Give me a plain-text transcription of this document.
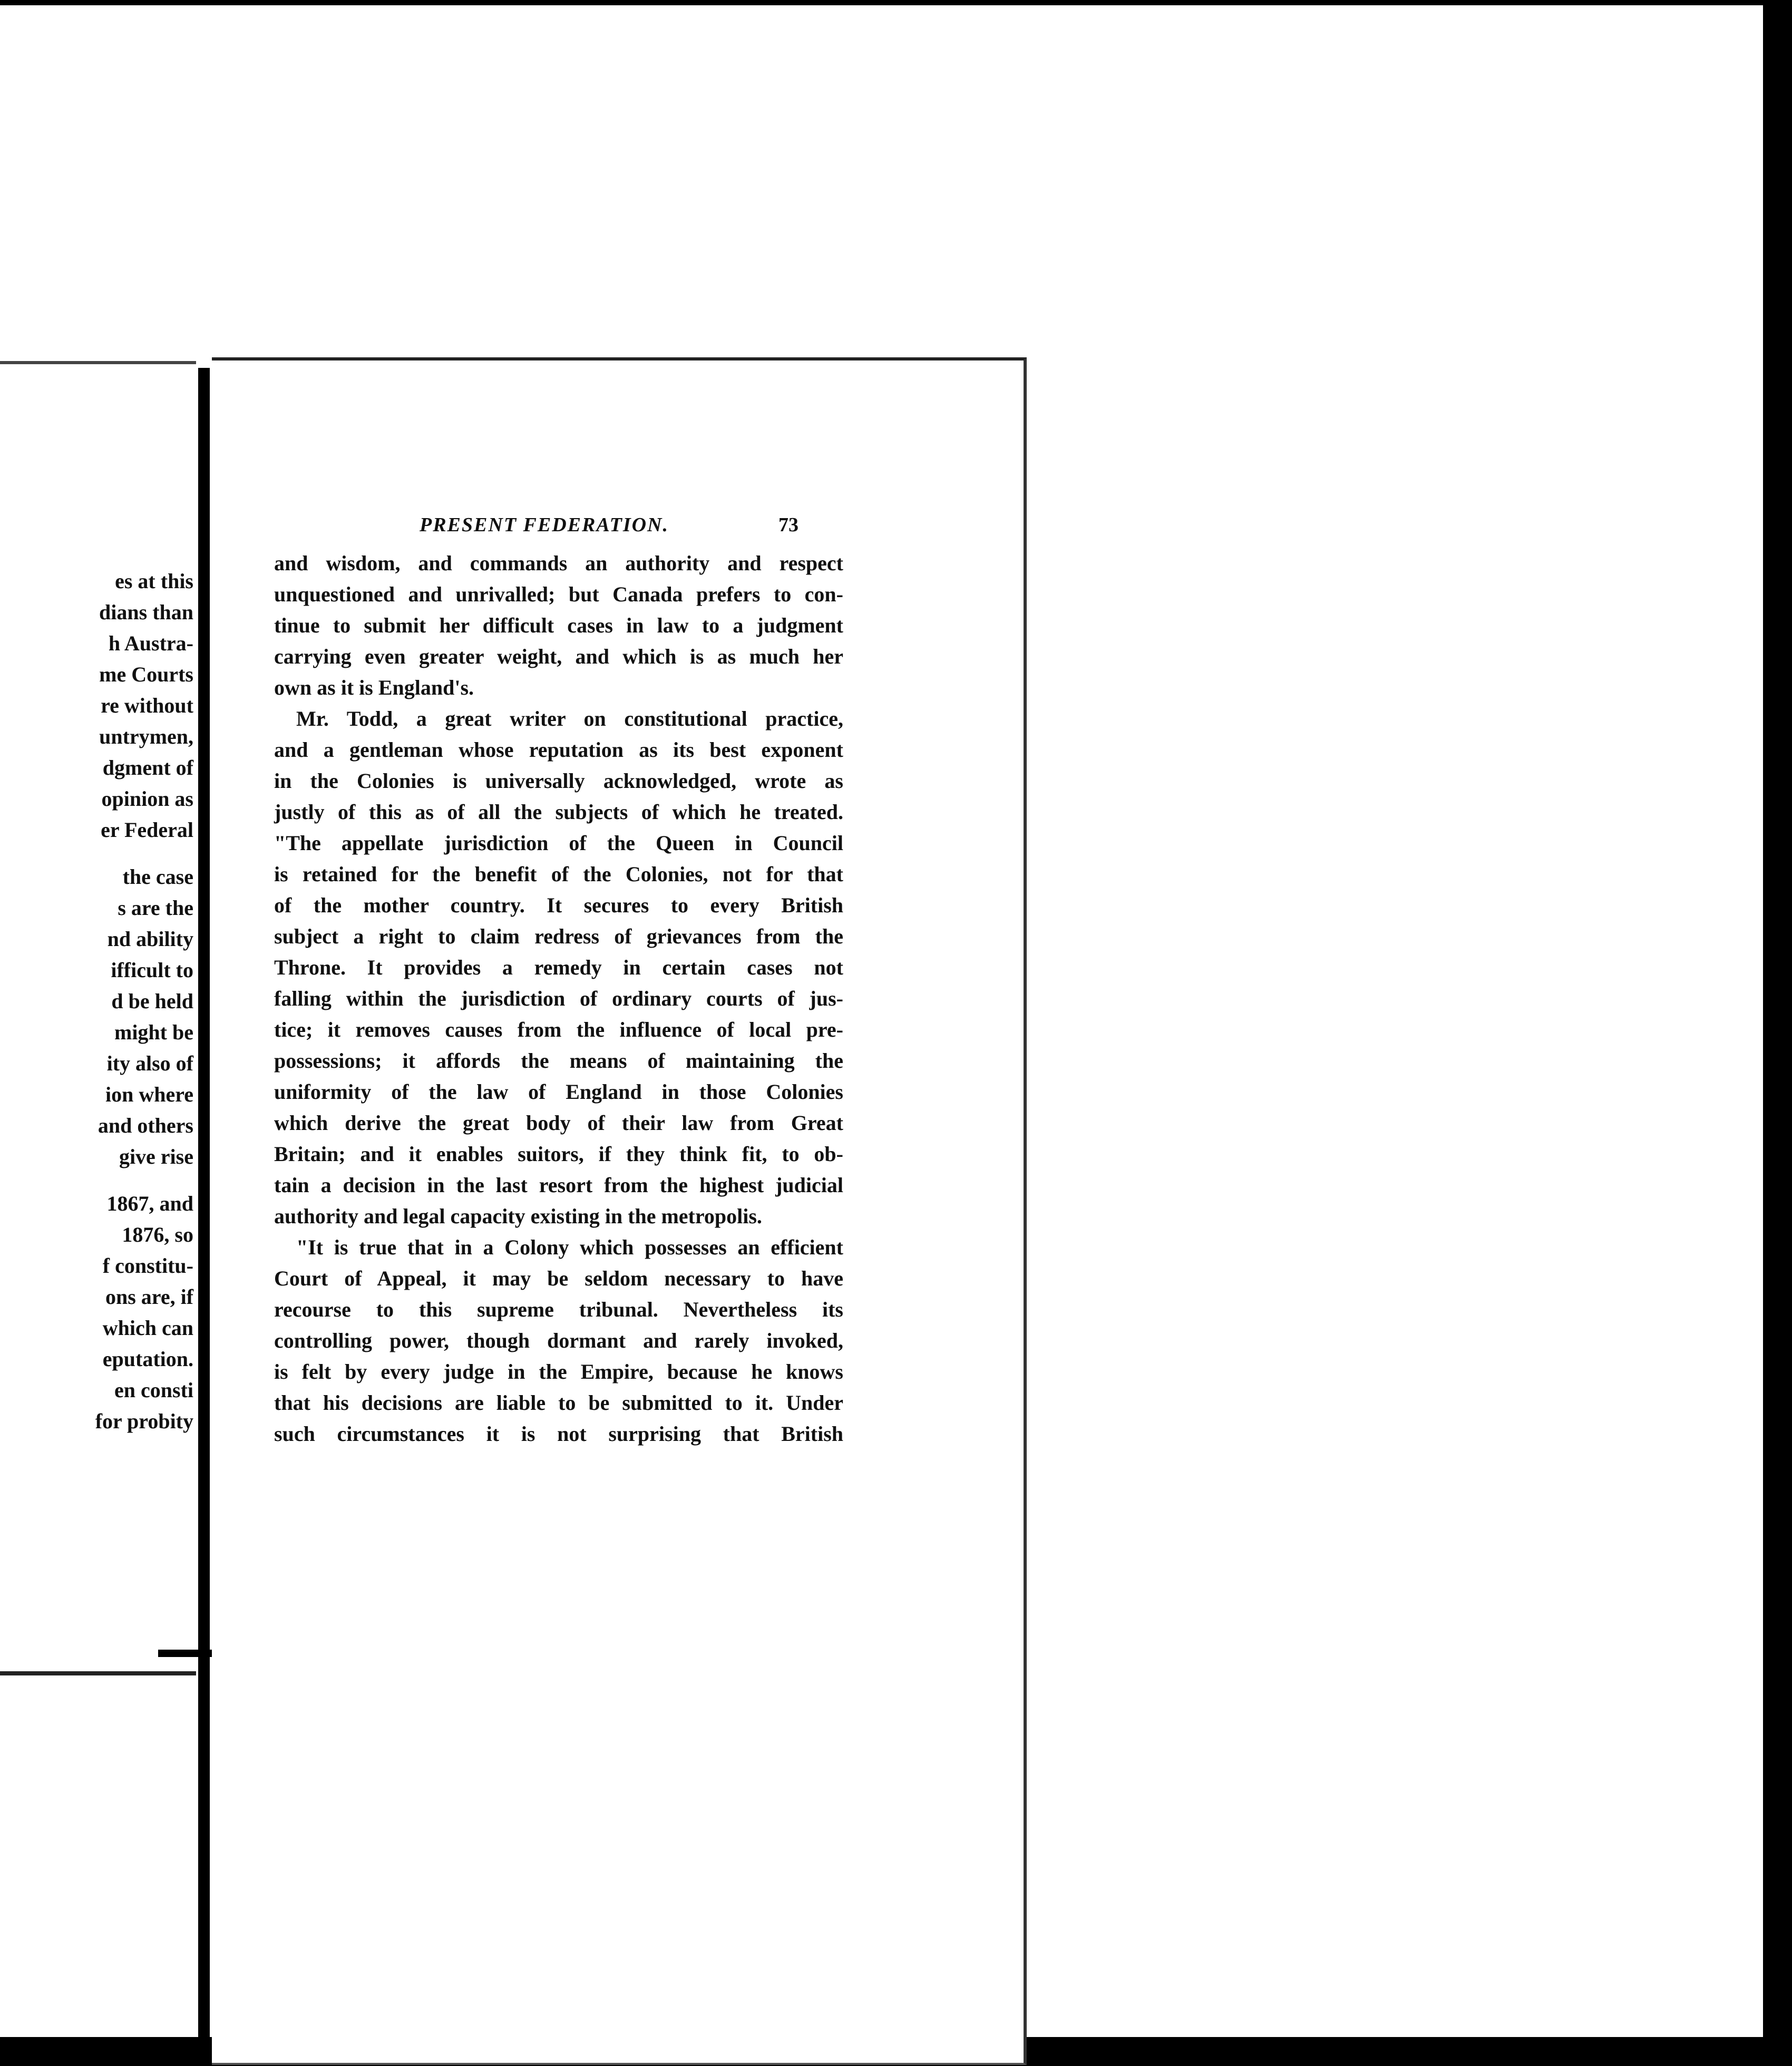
es at this
dians than
h Austra-
me Courts
re without
untrymen,
dgment of
opinion as
er Federal
the case
s are the
nd ability
ifficult to
d be held
might be
ity also of
ion where
and others
give rise
1867, and
1876, so
f constitu-
ons are, if
which can
eputation.
en consti
for probity
PRESENT FEDERATION.	73
and wisdom, and commands an authority and respect
unquestioned and unrivalled; but Canada prefers to con-
tinue to submit her difficult cases in law to a judgment
carrying even greater weight, and which is as much her
own as it is England's.
Mr. Todd, a great writer on constitutional practice,
and a gentleman whose reputation as its best exponent
in the Colonies is universally acknowledged, wrote as
justly of this as of all the subjects of which he treated.
"The appellate jurisdiction of the Queen in Council
is retained for the benefit of the Colonies, not for that
of the mother country. It secures to every British
subject a right to claim redress of grievances from the
Throne. It provides a remedy in certain cases not
falling within the jurisdiction of ordinary courts of jus-
tice; it removes causes from the influence of local pre-
possessions; it affords the means of maintaining the
uniformity of the law of England in those Colonies
which derive the great body of their law from Great
Britain; and it enables suitors, if they think fit, to ob-
tain a decision in the last resort from the highest judicial
authority and legal capacity existing in the metropolis.
"It is true that in a Colony which possesses an efficient
Court of Appeal, it may be seldom necessary to have
recourse to this supreme tribunal. Nevertheless its
controlling power, though dormant and rarely invoked,
is felt by every judge in the Empire, because he knows
that his decisions are liable to be submitted to it. Under
such circumstances it is not surprising that British
